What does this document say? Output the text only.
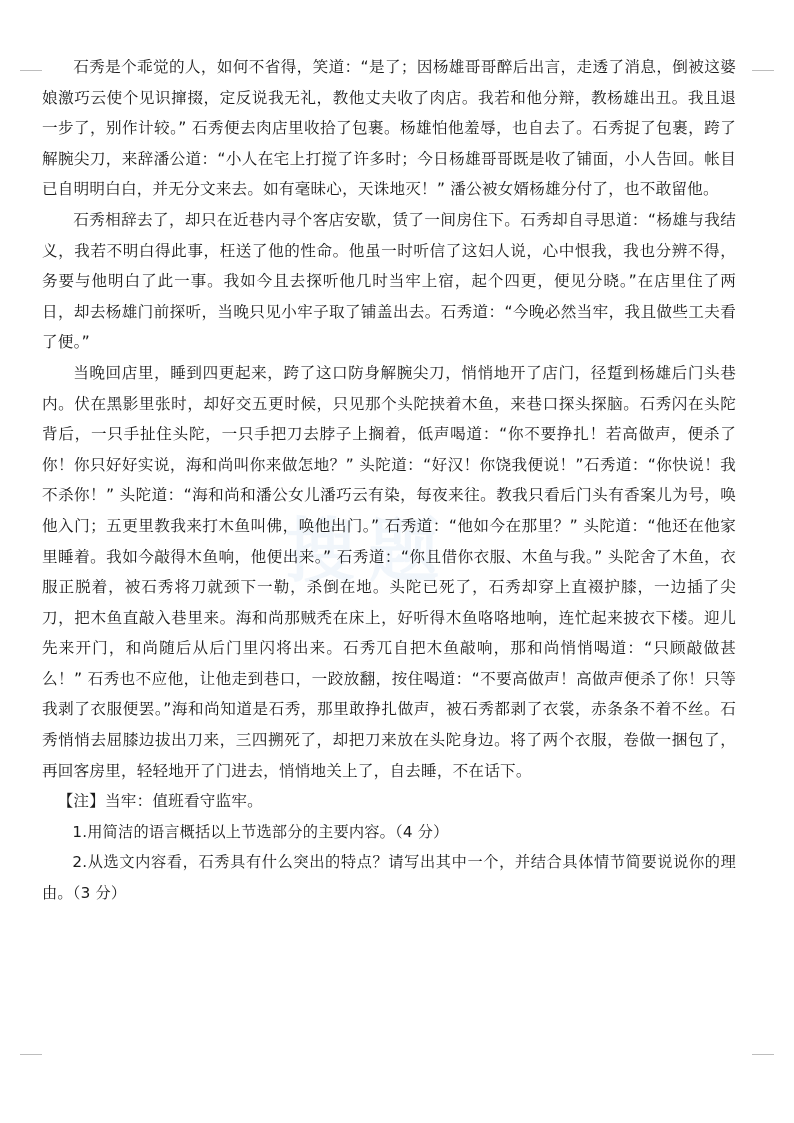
搜题

石秀是个乖觉的人，如何不省得，笑道：“是了；因杨雄哥哥醉后出言，走透了消息，倒被这婆娘激巧云使个见识撺掇，定反说我无礼，教他丈夫收了肉店。我若和他分辩，教杨雄出丑。我且退一步了，别作计较。” 石秀便去肉店里收拾了包裹。杨雄怕他羞辱，也自去了。石秀捉了包裹，跨了解腕尖刀，来辞潘公道：“小人在宅上打搅了许多时；今日杨雄哥哥既是收了铺面，小人告回。帐目已自明明白白，并无分文来去。如有毫昧心，天诛地灭！” 潘公被女婿杨雄分付了，也不敢留他。

石秀相辞去了，却只在近巷内寻个客店安歇，赁了一间房住下。石秀却自寻思道：“杨雄与我结义，我若不明白得此事，枉送了他的性命。他虽一时听信了这妇人说，心中恨我，我也分辨不得，务要与他明白了此一事。我如今且去探听他几时当牢上宿，起个四更，便见分晓。”在店里住了两日，却去杨雄门前探听，当晚只见小牢子取了铺盖出去。石秀道：“今晚必然当牢，我且做些工夫看了便。”

当晚回店里，睡到四更起来，跨了这口防身解腕尖刀，悄悄地开了店门，径踅到杨雄后门头巷内。伏在黑影里张时，却好交五更时候，只见那个头陀挟着木鱼，来巷口探头探脑。石秀闪在头陀背后，一只手扯住头陀，一只手把刀去脖子上搁着，低声喝道：“你不要挣扎！若高做声，便杀了你！你只好好实说，海和尚叫你来做怎地？” 头陀道：“好汉！你饶我便说！”石秀道：“你快说！我不杀你！” 头陀道：“海和尚和潘公女儿潘巧云有染，每夜来往。教我只看后门头有香案儿为号，唤他入门；五更里教我来打木鱼叫佛，唤他出门。” 石秀道：“他如今在那里？” 头陀道：“他还在他家里睡着。我如今敲得木鱼响，他便出来。” 石秀道：“你且借你衣服、木鱼与我。” 头陀舍了木鱼，衣服正脱着，被石秀将刀就颈下一勒，杀倒在地。头陀已死了，石秀却穿上直裰护膝，一边插了尖刀，把木鱼直敲入巷里来。海和尚那贼秃在床上，好听得木鱼咯咯地响，连忙起来披衣下楼。迎儿先来开门，和尚随后从后门里闪将出来。石秀兀自把木鱼敲响，那和尚悄悄喝道：“只顾敲做甚么！” 石秀也不应他，让他走到巷口，一跤放翻，按住喝道：“不要高做声！高做声便杀了你！只等我剥了衣服便罢。”海和尚知道是石秀，那里敢挣扎做声，被石秀都剥了衣裳，赤条条不着不丝。石秀悄悄去屈膝边拔出刀来，三四搠死了，却把刀来放在头陀身边。将了两个衣服，卷做一捆包了，再回客房里，轻轻地开了门进去，悄悄地关上了，自去睡，不在话下。

【注】当牢：值班看守监牢。

1.用简洁的语言概括以上节选部分的主要内容。（4 分）

2.从选文内容看，石秀具有什么突出的特点？请写出其中一个，并结合具体情节简要说说你的理由。（3 分）
